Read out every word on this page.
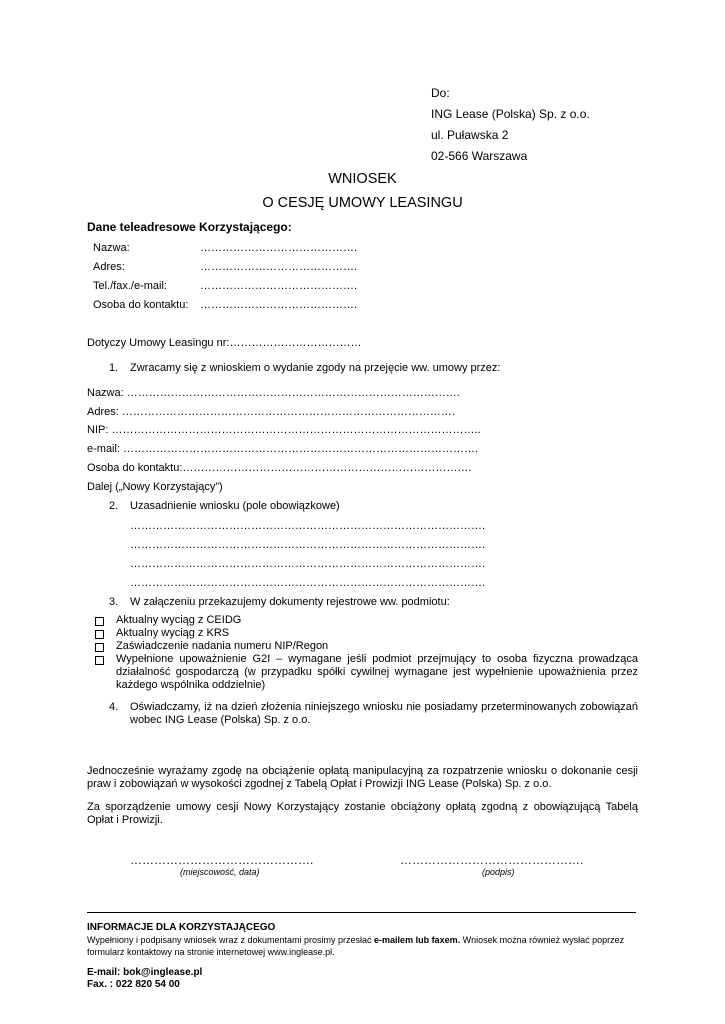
Do:
ING Lease (Polska) Sp. z o.o.
ul. Puławska 2
02-566 Warszawa
WNIOSEK
O CESJĘ UMOWY LEASINGU
Dane teleadresowe Korzystającego:
Nazwa:	…………………………………….
Adres:	…………………………………….
Tel./fax./e-mail:	…………………………………….
Osoba do kontaktu: …………………………………….
Dotyczy Umowy Leasingu nr:………………………………
1. Zwracamy się z wnioskiem o wydanie zgody na przejęcie ww. umowy przez:
Nazwa: ……………………………………………………………………………….
Adres: ……………………………………………………………………………….
NIP: ………………………………………………………………………………………..
e-mail: …………………………………………………………………………………….
Osoba do kontaktu:…………………………………………………………………….
Dalej („Nowy Korzystający”)
2. Uzasadnienie wniosku (pole obowiązkowe)
…………………………………………………………………………………….
…………………………………………………………………………………….
…………………………………………………………………………………….
…………………………………………………………………………………….
3. W załączeniu przekazujemy dokumenty rejestrowe ww. podmiotu:
Aktualny wyciąg z CEIDG
Aktualny wyciąg z KRS
Zaświadczenie nadania numeru NIP/Regon
Wypełnione upoważnienie G2I – wymagane jeśli podmiot przejmujący to osoba fizyczna prowadząca działalność gospodarczą (w przypadku spółki cywilnej wymagane jest wypełnienie upoważnienia przez każdego wspólnika oddzielnie)
4. Oświadczamy, iż na dzień złożenia niniejszego wniosku nie posiadamy przeterminowanych zobowiązań wobec ING Lease (Polska) Sp. z o.o.
Jednocześnie wyrażamy zgodę na obciążenie opłatą manipulacyjną za rozpatrzenie wniosku o dokonanie cesji praw i zobowiązań w wysokości zgodnej z Tabelą Opłat i Prowizji ING Lease (Polska) Sp. z o.o.
Za sporządzenie umowy cesji Nowy Korzystający zostanie obciążony opłatą zgodną z obowiązującą Tabelą Opłat i Prowizji.
……………………………………….
(miejscowość, data)
……………………………………….
(podpis)
INFORMACJE DLA KORZYSTAJĄCEGO
Wypełniony i podpisany wniosek wraz z dokumentami prosimy przesłać e-mailem lub faxem. Wniosek można również wysłać poprzez formularz kontaktowy na stronie internetowej www.inglease.pl.
E-mail: bok@inglease.pl
Fax. : 022 820 54 00
